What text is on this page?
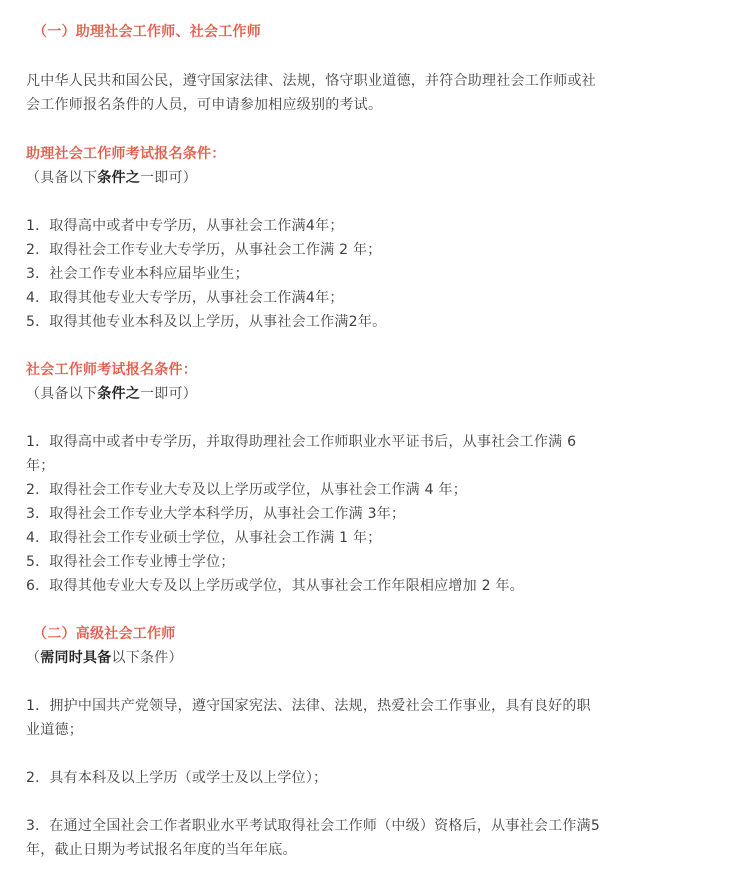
（一）助理社会工作师、社会工作师

凡中华人民共和国公民，遵守国家法律、法规，恪守职业道德，并符合助理社会工作师或社

会工作师报名条件的人员，可申请参加相应级别的考试。

助理社会工作师考试报名条件：

（具备以下条件之一即可）

1．取得高中或者中专学历，从事社会工作满4年；

2．取得社会工作专业大专学历，从事社会工作满 2 年；

3．社会工作专业本科应届毕业生；

4．取得其他专业大专学历，从事社会工作满4年；

5．取得其他专业本科及以上学历，从事社会工作满2年。

社会工作师考试报名条件：

（具备以下条件之一即可）

1．取得高中或者中专学历，并取得助理社会工作师职业水平证书后，从事社会工作满 6

年；

2．取得社会工作专业大专及以上学历或学位，从事社会工作满 4 年；

3．取得社会工作专业大学本科学历，从事社会工作满 3年；

4．取得社会工作专业硕士学位，从事社会工作满 1 年；

5．取得社会工作专业博士学位；

6．取得其他专业大专及以上学历或学位，其从事社会工作年限相应增加 2 年。

（二）高级社会工作师

（需同时具备以下条件）

1．拥护中国共产党领导，遵守国家宪法、法律、法规，热爱社会工作事业，具有良好的职

业道德；

2．具有本科及以上学历（或学士及以上学位）；

3．在通过全国社会工作者职业水平考试取得社会工作师（中级）资格后，从事社会工作满5

年，截止日期为考试报名年度的当年年底。
